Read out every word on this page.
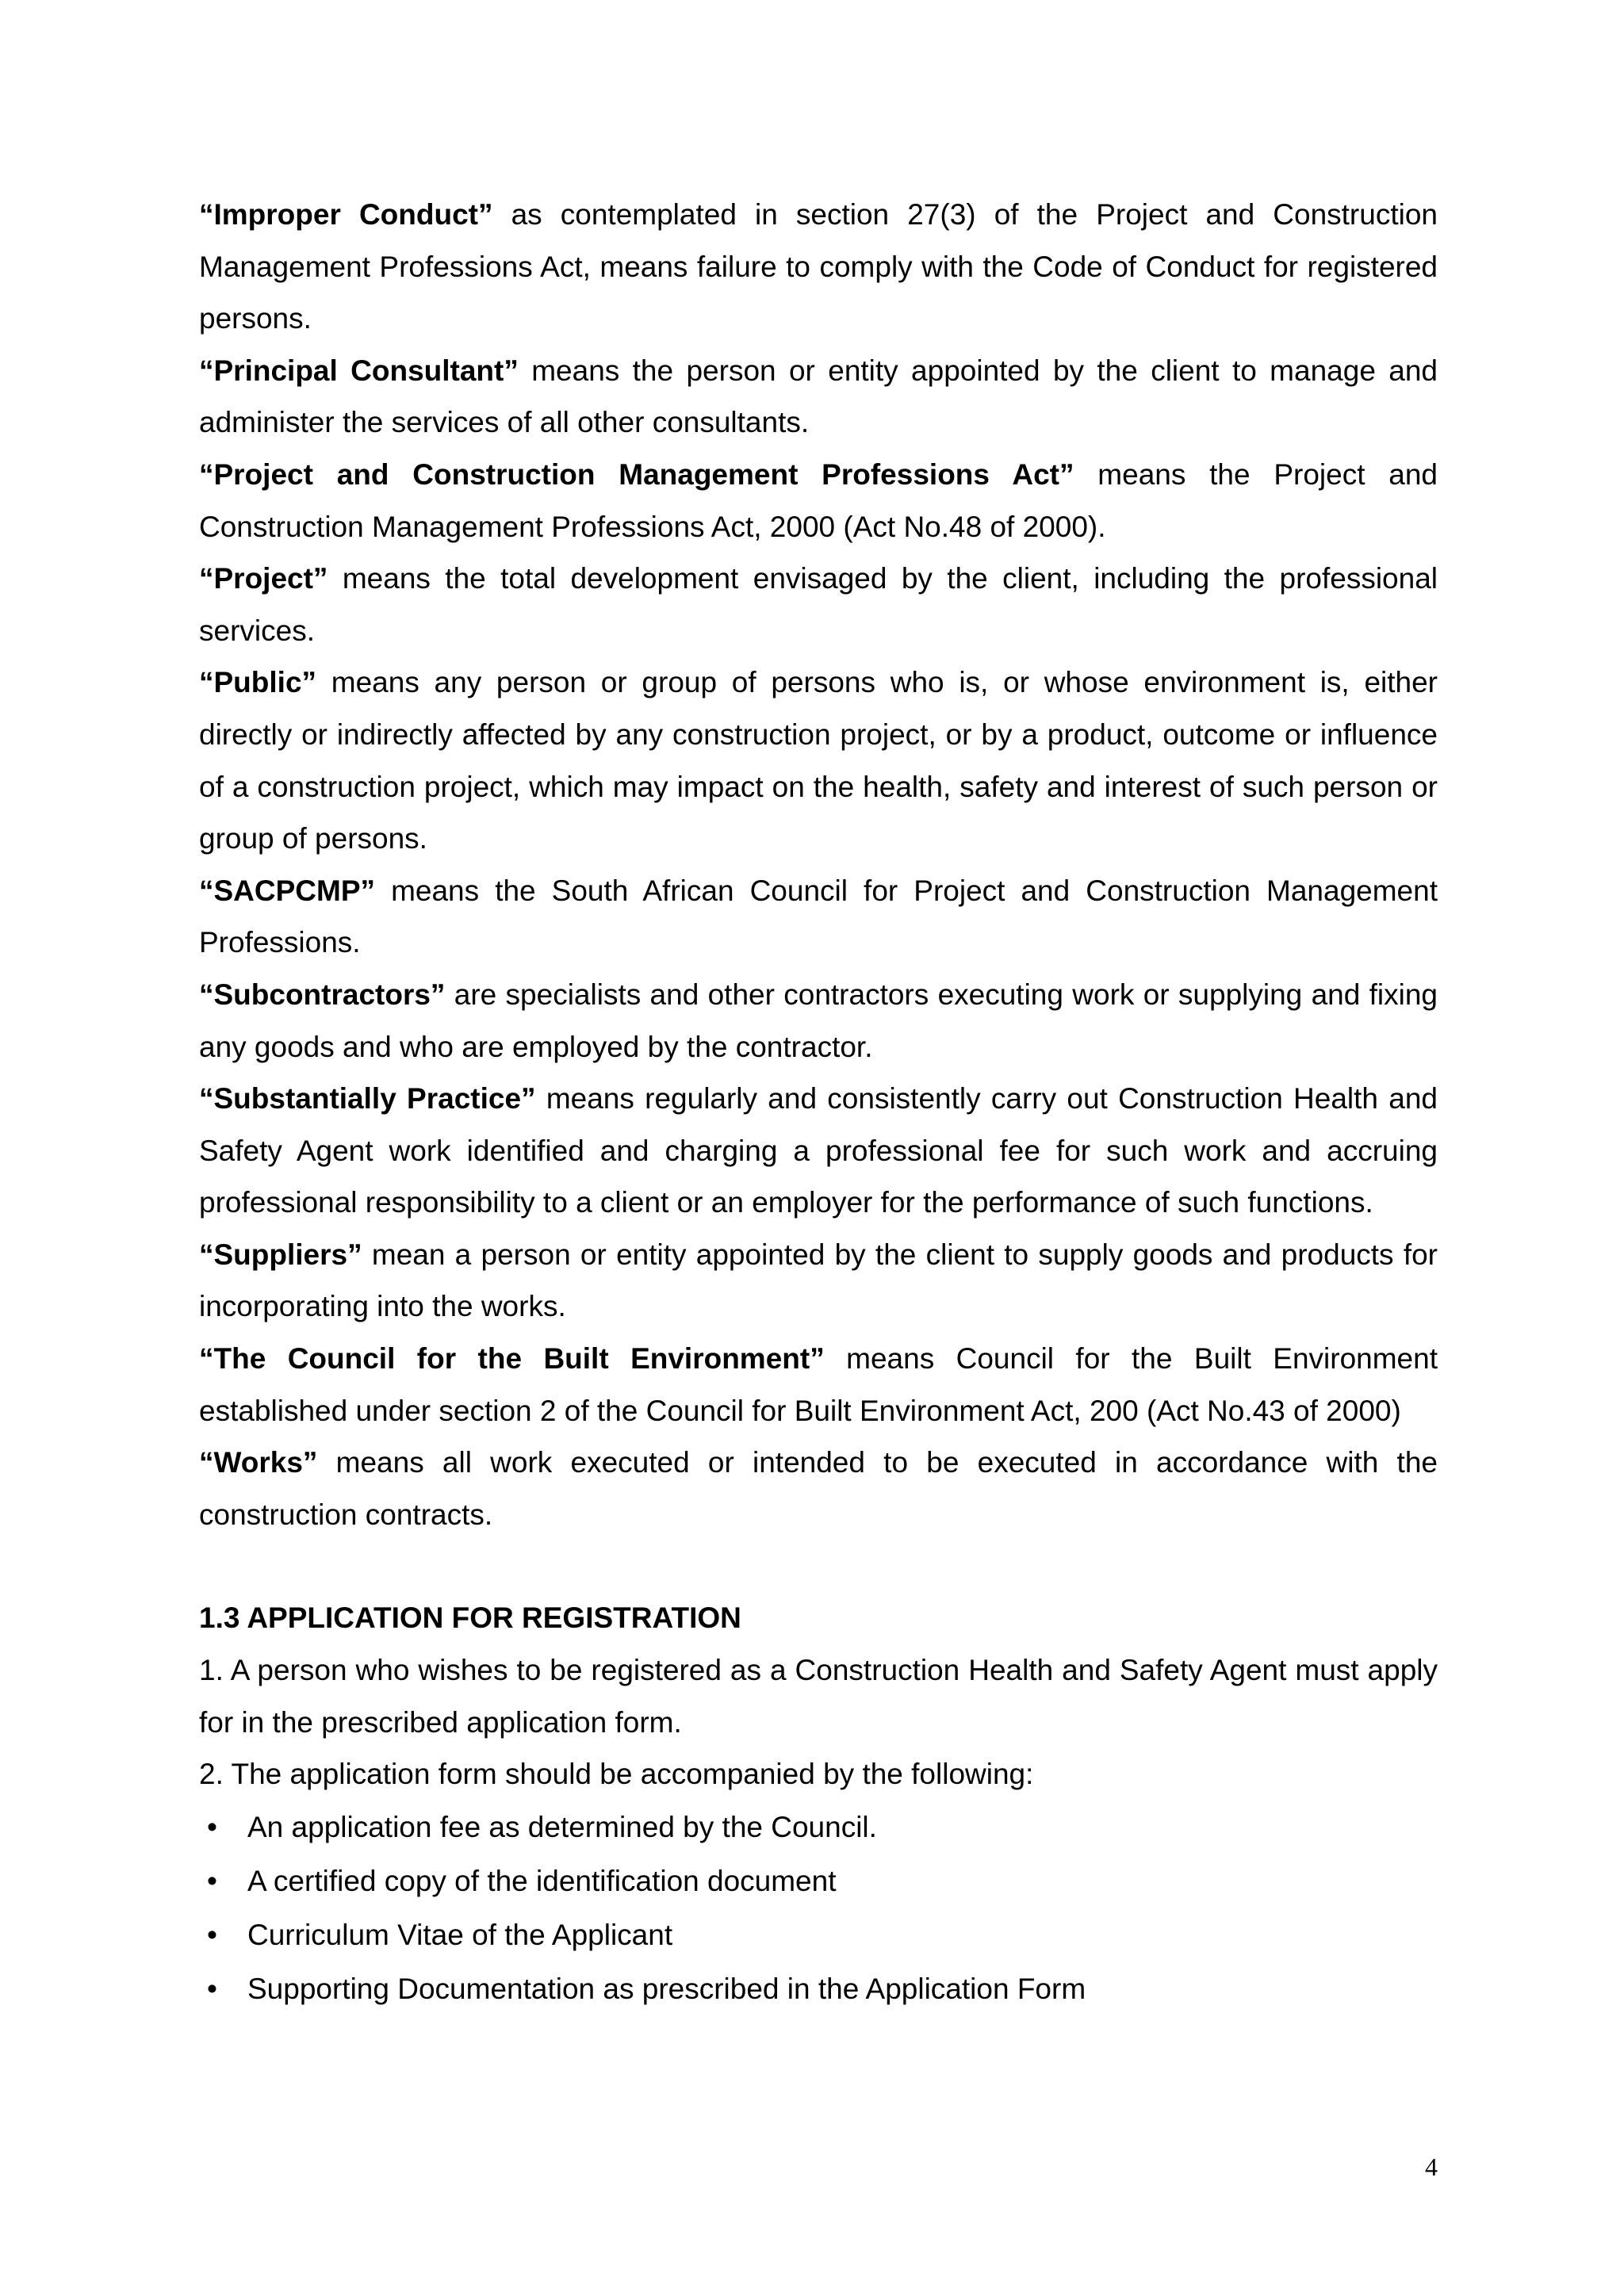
“Improper Conduct” as contemplated in section 27(3) of the Project and Construction Management Professions Act, means failure to comply with the Code of Conduct for registered persons.

“Principal Consultant” means the person or entity appointed by the client to manage and administer the services of all other consultants.

“Project and Construction Management Professions Act” means the Project and Construction Management Professions Act, 2000 (Act No.48 of 2000).

“Project” means the total development envisaged by the client, including the professional services.

“Public” means any person or group of persons who is, or whose environment is, either directly or indirectly affected by any construction project, or by a product, outcome or influence of a construction project, which may impact on the health, safety and interest of such person or group of persons.

“SACPCMP” means the South African Council for Project and Construction Management Professions.

“Subcontractors” are specialists and other contractors executing work or supplying and fixing any goods and who are employed by the contractor.

“Substantially Practice” means regularly and consistently carry out Construction Health and Safety Agent work identified and charging a professional fee for such work and accruing professional responsibility to a client or an employer for the performance of such functions.

“Suppliers” mean a person or entity appointed by the client to supply goods and products for incorporating into the works.

“The Council for the Built Environment” means Council for the Built Environment established under section 2 of the Council for Built Environment Act, 200 (Act No.43 of 2000)

“Works” means all work executed or intended to be executed in accordance with the construction contracts.

1.3 APPLICATION FOR REGISTRATION

1. A person who wishes to be registered as a Construction Health and Safety Agent must apply for in the prescribed application form.

2. The application form should be accompanied by the following:

• An application fee as determined by the Council.
• A certified copy of the identification document
• Curriculum Vitae of the Applicant
• Supporting Documentation as prescribed in the Application Form
4
